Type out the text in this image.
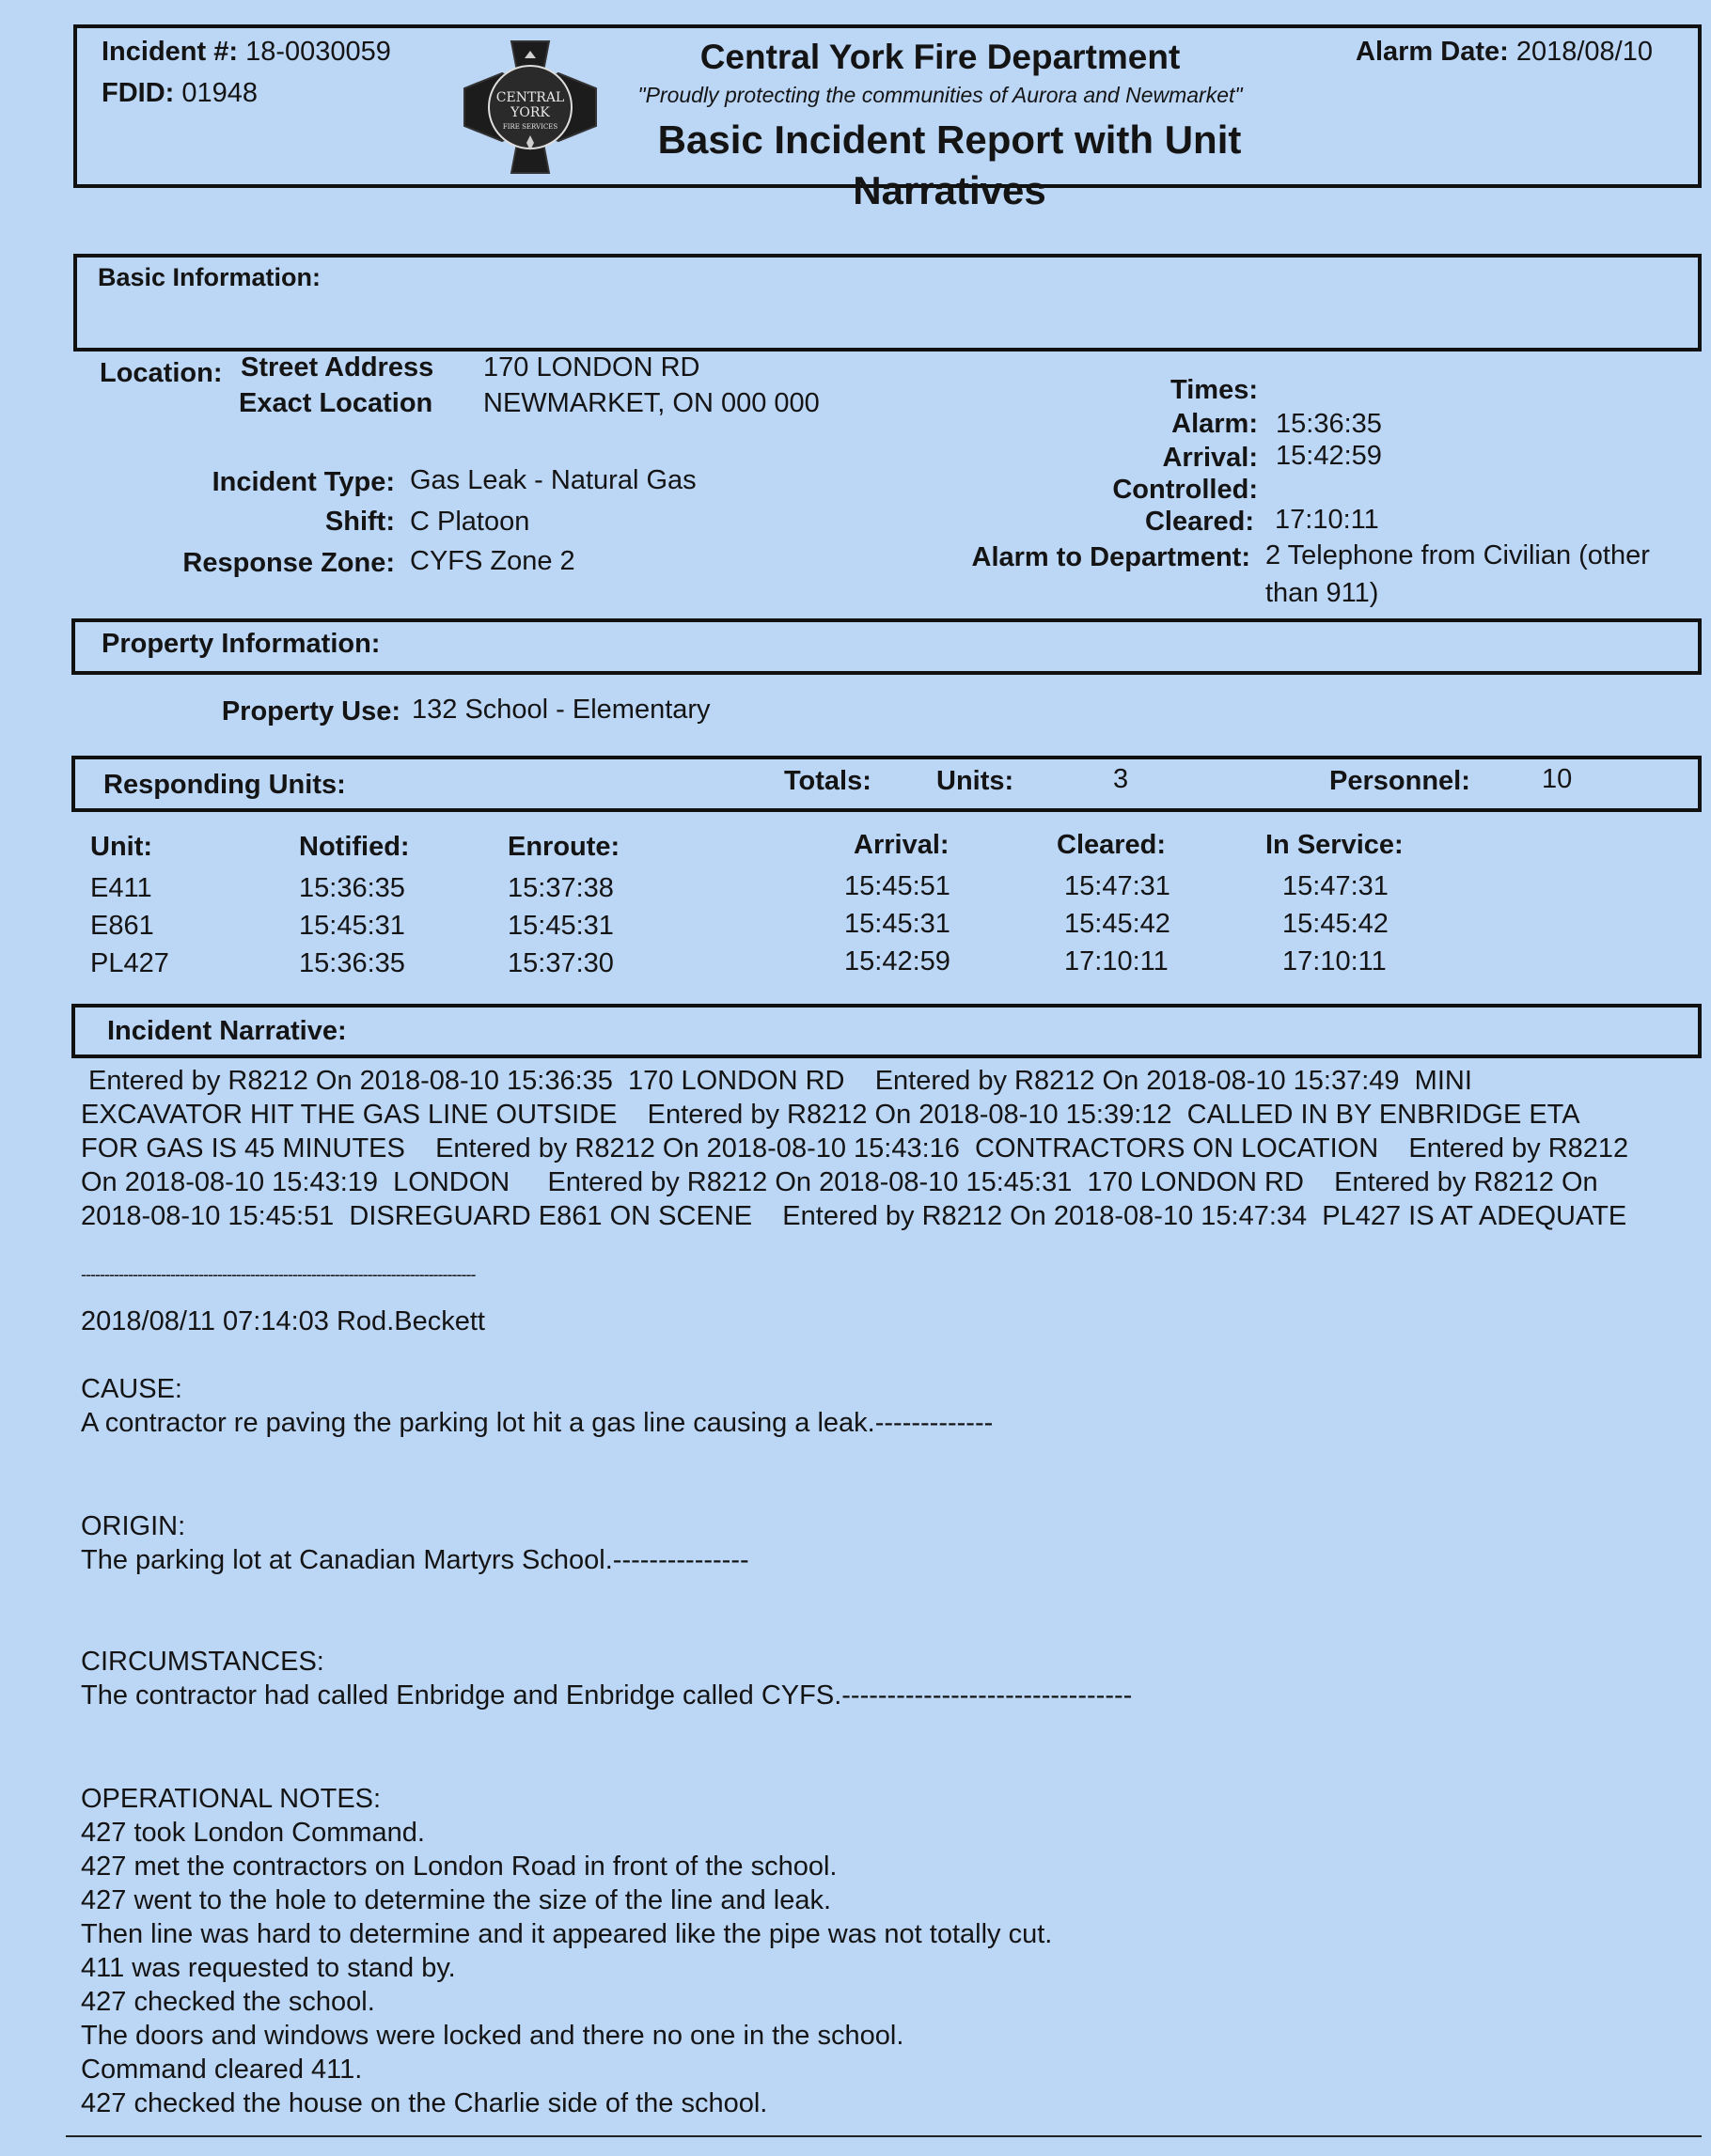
Incident #: 18-0030059
FDID: 01948	CENTRAL
YORK
FIRE SERVICES
Central York Fire Department
"Proudly protecting the communities of Aurora and Newmarket"
Basic Incident Report with Unit
Narratives
Alarm Date: 2018/08/10
Basic Information:
Location: Street Address 170 LONDON RD
Exact Location NEWMARKET, ON 000 000
Incident Type: Gas Leak - Natural Gas
Shift: C Platoon
Response Zone: CYFS Zone 2
Times:
Alarm: 15:36:35
Arrival: 15:42:59
Controlled:
Cleared: 17:10:11
Alarm to Department: 2 Telephone from Civilian (other
than 911)
Property Information:
Property Use: 132 School - Elementary
Responding Units:	Totals: Units:	3	Personnel:	10
Unit:	Notified:	Enroute:	Arrival:	Cleared:	In Service:
E411	15:36:35	15:37:38	15:45:51	15:47:31	15:47:31
E861	15:45:31	15:45:31	15:45:31	15:45:42	15:45:42
PL427	15:36:35	15:37:30	15:42:59	17:10:11	17:10:11
Incident Narrative:
Entered by R8212 On 2018-08-10 15:36:35  170 LONDON RD    Entered by R8212 On 2018-08-10 15:37:49  MINI
EXCAVATOR HIT THE GAS LINE OUTSIDE    Entered by R8212 On 2018-08-10 15:39:12  CALLED IN BY ENBRIDGE ETA
FOR GAS IS 45 MINUTES    Entered by R8212 On 2018-08-10 15:43:16  CONTRACTORS ON LOCATION    Entered by R8212
On 2018-08-10 15:43:19  LONDON     Entered by R8212 On 2018-08-10 15:45:31  170 LONDON RD    Entered by R8212 On
2018-08-10 15:45:51  DISREGUARD E861 ON SCENE    Entered by R8212 On 2018-08-10 15:47:34  PL427 IS AT ADEQUATE
------------------------------------------------------------------------------------
2018/08/11 07:14:03 Rod.Beckett
CAUSE:
A contractor re paving the parking lot hit a gas line causing a leak.-------------
ORIGIN:
The parking lot at Canadian Martyrs School.---------------
CIRCUMSTANCES:
The contractor had called Enbridge and Enbridge called CYFS.--------------------------------
OPERATIONAL NOTES:
427 took London Command.
427 met the contractors on London Road in front of the school.
427 went to the hole to determine the size of the line and leak.
Then line was hard to determine and it appeared like the pipe was not totally cut.
411 was requested to stand by.
427 checked the school.
The doors and windows were locked and there no one in the school.
Command cleared 411.
427 checked the house on the Charlie side of the school.
